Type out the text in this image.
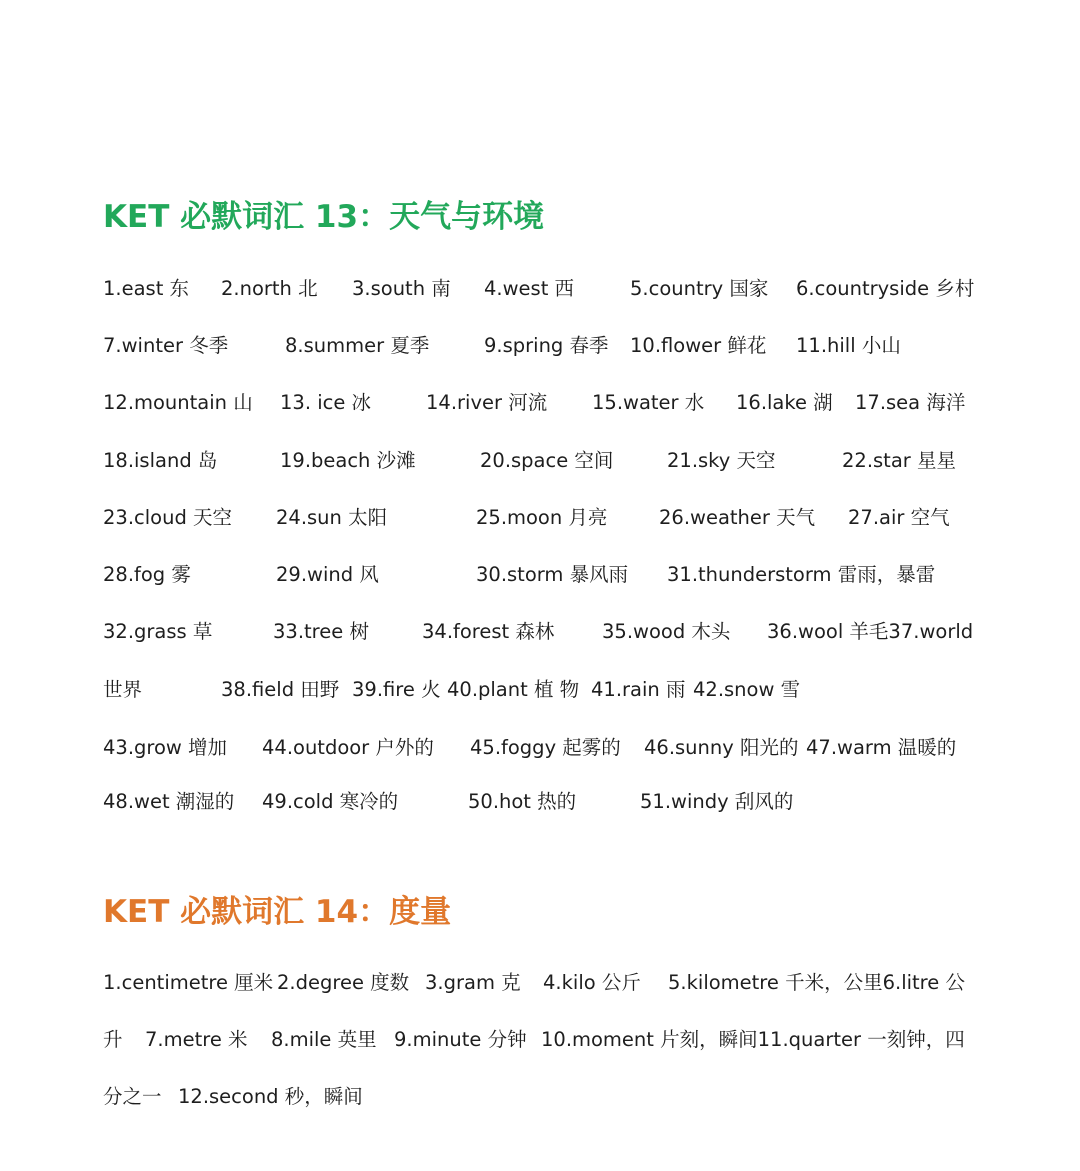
KET 必默词汇 13：天气与环境
1.east 东 2.north 北 3.south 南 4.west 西	5.country 国家 6.countryside 乡村
7.winter 冬季	8.summer 夏季	9.spring 春季 10.flower 鲜花 11.hill 小山
12.mountain 山 13. ice 冰	14.river 河流 15.water 水 16.lake 湖 17.sea 海洋
18.island 岛	19.beach 沙滩	20.space 空间	21.sky 天空	22.star 星星
23.cloud 天空 24.sun 太阳	25.moon 月亮	26.weather 天气 27.air 空气
28.fog 雾	29.wind 风	30.storm 暴风雨 31.thunderstorm 雷雨，暴雷
32.grass 草	33.tree 树	34.forest 森林 35.wood 木头 36.wool 羊毛37.world
世界	38.field 田野 39.fire 火 40.plant 植 物 41.rain 雨 42.snow 雪
43.grow 增加 44.outdoor 户外的 45.foggy 起雾的 46.sunny 阳光的 47.warm 温暖的
48.wet 潮湿的 49.cold 寒冷的	50.hot 热的	51.windy 刮风的
KET 必默词汇 14：度量
1.centimetre 厘米 2.degree 度数 3.gram 克 4.kilo 公斤 5.kilometre 千米，公里6.litre 公
升 7.metre 米 8.mile 英里 9.minute 分钟 10.moment 片刻，瞬间11.quarter 一刻钟，四
分之一 12.second 秒，瞬间
